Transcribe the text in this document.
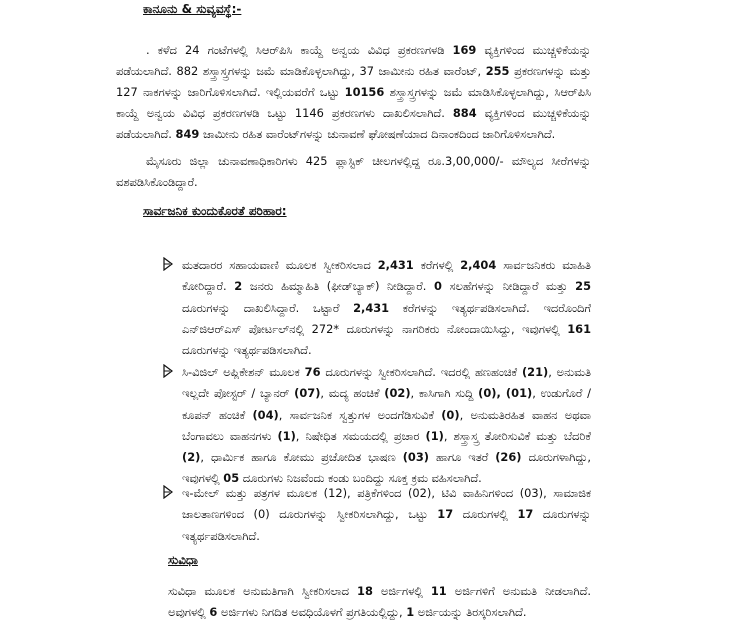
ಕಾನೂನು & ಸುವ್ಯವಸ್ಥೆ:-
. ಕಳೆದ 24 ಗಂಟೆಗಳಲ್ಲಿ ಸಿಆರ್‌ಪಿಸಿ ಕಾಯ್ದೆ ಅನ್ವಯ ವಿವಿಧ ಪ್ರಕರಣಗಳಡಿ 169 ವ್ಯಕ್ತಿಗಳಿಂದ ಮುಚ್ಚಳಿಕೆಯನ್ನು ಪಡೆಯಲಾಗಿದೆ. 882 ಶಸ್ತ್ರಾಸ್ತ್ರಗಳನ್ನು ಜಮೆ ಮಾಡಿಕೊಳ್ಳಲಾಗಿದ್ದು, 37 ಜಾಮೀನು ರಹಿತ ವಾರೆಂಟ್, 255 ಪ್ರಕರಣಗಳನ್ನು ಮತ್ತು 127 ನಾಕಗಳನ್ನು ಜಾರಿಗೊಳಿಸಲಾಗಿದೆ. ಇಲ್ಲಿಯವರೆಗೆ ಒಟ್ಟು 10156 ಶಸ್ತ್ರಾಸ್ತ್ರಗಳನ್ನು ಜಮೆ ಮಾಡಿಸಿಕೊಳ್ಳಲಾಗಿದ್ದು, ಸಿಆರ್‌ಪಿಸಿ ಕಾಯ್ದೆ ಅನ್ವಯ ವಿವಿಧ ಪ್ರಕರಣಗಳಡಿ ಒಟ್ಟು 1146 ಪ್ರಕರಣಗಳು ದಾಖಲಿಸಲಾಗಿದೆ. 884 ವ್ಯಕ್ತಿಗಳಿಂದ ಮುಚ್ಚಳಿಕೆಯನ್ನು ಪಡೆಯಲಾಗಿದೆ. 849 ಜಾಮೀನು ರಹಿತ ವಾರೆಂಟ್‌ಗಳನ್ನು ಚುನಾವಣೆ ಘೋಷಣೆಯಾದ ದಿನಾಂಕದಿಂದ ಜಾರಿಗೊಳಿಸಲಾಗಿದೆ.
ಮೈಸೂರು ಜಿಲ್ಲಾ ಚುನಾವಣಾಧಿಕಾರಿಗಳು 425 ಪ್ಲಾಸ್ಟಿಕ್ ಚೀಲಗಳಲ್ಲಿದ್ದ ರೂ.3,00,000/- ಮೌಲ್ಯದ ಸೀರೆಗಳನ್ನು ವಶಪಡಿಸಿಕೊಂಡಿದ್ದಾರೆ.
ಸಾರ್ವಜನಿಕ ಕುಂದುಕೊರತೆ ಪರಿಹಾರ:
ಮತದಾರರ ಸಹಾಯವಾಣಿ ಮೂಲಕ ಸ್ವೀಕರಿಸಲಾದ 2,431 ಕರೆಗಳಲ್ಲಿ 2,404 ಸಾರ್ವಜನಿಕರು ಮಾಹಿತಿ ಕೋರಿದ್ದಾರೆ. 2 ಜನರು ಹಿಮ್ಮಾಹಿತಿ (ಫೀಡ್‌ಬ್ಯಾಕ್) ನೀಡಿದ್ದಾರೆ. 0 ಸಲಹೆಗಳನ್ನು ನೀಡಿದ್ದಾರೆ ಮತ್ತು 25 ದೂರುಗಳನ್ನು ದಾಖಲಿಸಿದ್ದಾರೆ. ಒಟ್ಟಾರೆ 2,431 ಕರೆಗಳನ್ನು ಇತ್ಯರ್ಥಪಡಿಸಲಾಗಿದೆ. ಇದರೊಂದಿಗೆ ಎನ್‌ಜಿಆರ್‌ಎಸ್ ಪೋರ್ಟಲ್‌ನಲ್ಲಿ 272* ದೂರುಗಳನ್ನು ನಾಗರಿಕರು ನೋಂದಾಯಿಸಿದ್ದು, ಇವುಗಳಲ್ಲಿ 161 ದೂರುಗಳನ್ನು ಇತ್ಯರ್ಥಪಡಿಸಲಾಗಿದೆ.
ಸಿ-ವಿಜಿಲ್ ಅಪ್ಲಿಕೇಶನ್ ಮೂಲಕ 76 ದೂರುಗಳನ್ನು ಸ್ವೀಕರಿಸಲಾಗಿದೆ. ಇದರಲ್ಲಿ ಹಣಹಂಚಿಕೆ (21), ಅನುಮತಿ ಇಲ್ಲದೇ ಪೋಸ್ಟರ್ / ಬ್ಯಾನರ್ (07), ಮದ್ಯ ಹಂಚಿಕೆ (02), ಕಾಸಿಗಾಗಿ ಸುದ್ದಿ (0), (01), ಉಡುಗೊರೆ / ಕೂಪನ್ ಹಂಚಿಕೆ (04), ಸಾರ್ವಜನಿಕ ಸ್ವತ್ತುಗಳ ಅಂದಗೆಡಿಸುವಿಕೆ (0), ಅನುಮತಿರಹಿತ ವಾಹನ ಅಥವಾ ಬೆಂಗಾವಲು ವಾಹನಗಳು (1), ನಿಷೇಧಿತ ಸಮಯದಲ್ಲಿ ಪ್ರಚಾರ (1), ಶಸ್ತ್ರಾಸ್ತ್ರ ತೋರಿಸುವಿಕೆ ಮತ್ತು ಬೆದರಿಕೆ (2), ಧಾರ್ಮಿಕ ಹಾಗೂ ಕೋಮು ಪ್ರಚೋದಿತ ಭಾಷಣ (03) ಹಾಗೂ ಇತರೆ (26) ದೂರುಗಳಾಗಿದ್ದು, ಇವುಗಳಲ್ಲಿ 05 ದೂರುಗಳು ನಿಜವೆಂದು ಕಂಡು ಬಂದಿದ್ದು ಸೂಕ್ತ ಕ್ರಮ ವಹಿಸಲಾಗಿದೆ.
ಇ-ಮೇಲ್ ಮತ್ತು ಪತ್ರಗಳ ಮೂಲಕ (12), ಪತ್ರಿಕೆಗಳಿಂದ (02), ಟಿವಿ ವಾಹಿನಿಗಳಿಂದ (03), ಸಾಮಾಜಿಕ ಜಾಲತಾಣಗಳಿಂದ (0) ದೂರುಗಳನ್ನು ಸ್ವೀಕರಿಸಲಾಗಿದ್ದು, ಒಟ್ಟು 17 ದೂರುಗಳಲ್ಲಿ 17 ದೂರುಗಳನ್ನು ಇತ್ಯರ್ಥಪಡಿಸಲಾಗಿದೆ.
ಸುವಿಧಾ
ಸುವಿಧಾ ಮೂಲಕ ಅನುಮತಿಗಾಗಿ ಸ್ವೀಕರಿಸಲಾದ 18 ಅರ್ಜಿಗಳಲ್ಲಿ 11 ಅರ್ಜಿಗಳಿಗೆ ಅನುಮತಿ ನೀಡಲಾಗಿದೆ. ಅವುಗಳಲ್ಲಿ 6 ಅರ್ಜಿಗಳು ನಿಗದಿತ ಅವಧಿಯೊಳಗೆ ಪ್ರಗತಿಯಲ್ಲಿದ್ದು, 1 ಅರ್ಜಿಯನ್ನು ತಿರಸ್ಕರಿಸಲಾಗಿದೆ.
